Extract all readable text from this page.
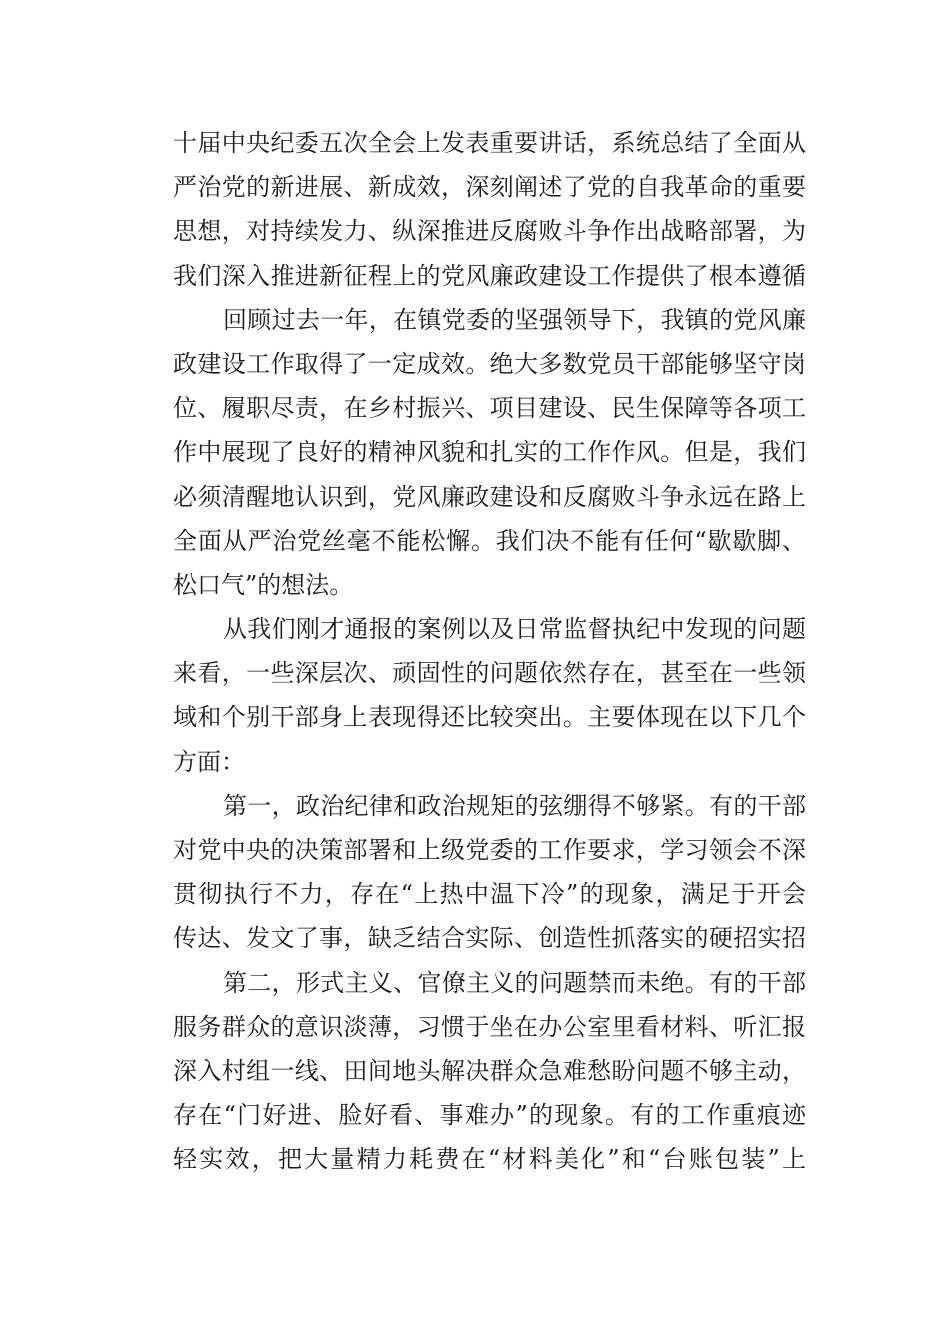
十届中央纪委五次全会上发表重要讲话，系统总结了全面从
严治党的新进展、新成效，深刻阐述了党的自我革命的重要
思想，对持续发力、纵深推进反腐败斗争作出战略部署，为
我们深入推进新征程上的党风廉政建设工作提供了根本遵循
回顾过去一年，在镇党委的坚强领导下，我镇的党风廉
政建设工作取得了一定成效。绝大多数党员干部能够坚守岗
位、履职尽责，在乡村振兴、项目建设、民生保障等各项工
作中展现了良好的精神风貌和扎实的工作作风。但是，我们
必须清醒地认识到，党风廉政建设和反腐败斗争永远在路上
全面从严治党丝毫不能松懈。我们决不能有任何“歇歇脚、
松口气”的想法。
从我们刚才通报的案例以及日常监督执纪中发现的问题
来看，一些深层次、顽固性的问题依然存在，甚至在一些领
域和个别干部身上表现得还比较突出。主要体现在以下几个
方面：
第一，政治纪律和政治规矩的弦绷得不够紧。有的干部
对党中央的决策部署和上级党委的工作要求，学习领会不深
贯彻执行不力，存在“上热中温下冷”的现象，满足于开会
传达、发文了事，缺乏结合实际、创造性抓落实的硬招实招
第二，形式主义、官僚主义的问题禁而未绝。有的干部
服务群众的意识淡薄，习惯于坐在办公室里看材料、听汇报
深入村组一线、田间地头解决群众急难愁盼问题不够主动，
存在“门好进、脸好看、事难办”的现象。有的工作重痕迹
轻实效，把大量精力耗费在“材料美化”和“台账包装”上
